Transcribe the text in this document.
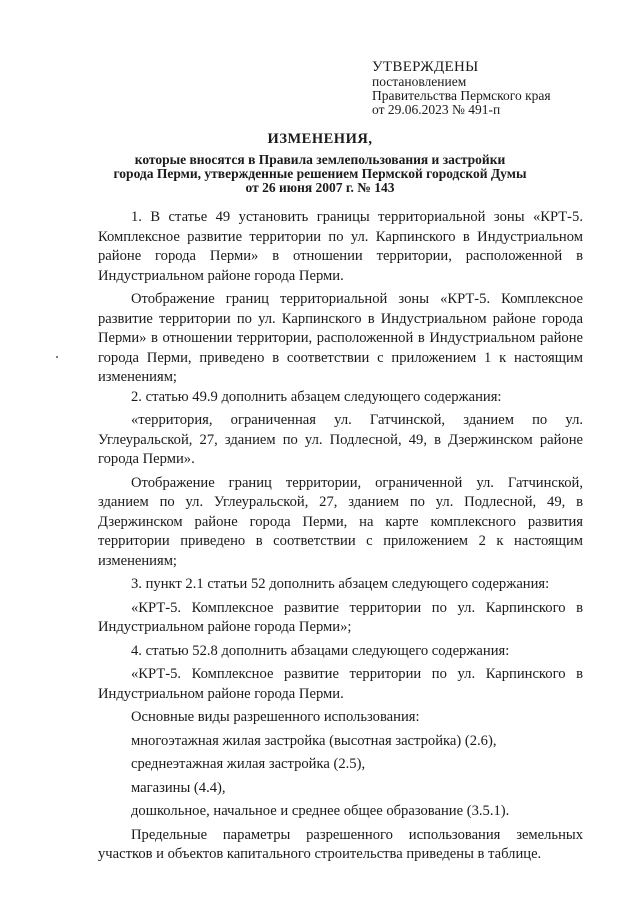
УТВЕРЖДЕНЫ
постановлением
Правительства Пермского края
от 29.06.2023 № 491-п
ИЗМЕНЕНИЯ,
которые вносятся в Правила землепользования и застройки
города Перми, утвержденные решением Пермской городской Думы
от 26 июня 2007 г. № 143

1. В статье 49 установить границы территориальной зоны «КРТ-5. Комплексное развитие территории по ул. Карпинского в Индустриальном районе города Перми» в отношении территории, расположенной в Индустриальном районе города Перми.

Отображение границ территориальной зоны «КРТ-5. Комплексное развитие территории по ул. Карпинского в Индустриальном районе города Перми» в отношении территории, расположенной в Индустриальном районе города Перми, приведено в соответствии с приложением 1 к настоящим изменениям;

2. статью 49.9 дополнить абзацем следующего содержания:

«территория, ограниченная ул. Гатчинской, зданием по ул. Углеуральской, 27, зданием по ул. Подлесной, 49, в Дзержинском районе города Перми».

Отображение границ территории, ограниченной ул. Гатчинской, зданием по ул. Углеуральской, 27, зданием по ул. Подлесной, 49, в Дзержинском районе города Перми, на карте комплексного развития территории приведено в соответствии с приложением 2 к настоящим изменениям;

3. пункт 2.1 статьи 52 дополнить абзацем следующего содержания:

«КРТ-5. Комплексное развитие территории по ул. Карпинского в Индустриальном районе города Перми»;

4. статью 52.8 дополнить абзацами следующего содержания:

«КРТ-5. Комплексное развитие территории по ул. Карпинского в Индустриальном районе города Перми.

Основные виды разрешенного использования:

многоэтажная жилая застройка (высотная застройка) (2.6),

среднеэтажная жилая застройка (2.5),

магазины (4.4),

дошкольное, начальное и среднее общее образование (3.5.1).

Предельные параметры разрешенного использования земельных участков и объектов капитального строительства приведены в таблице.
